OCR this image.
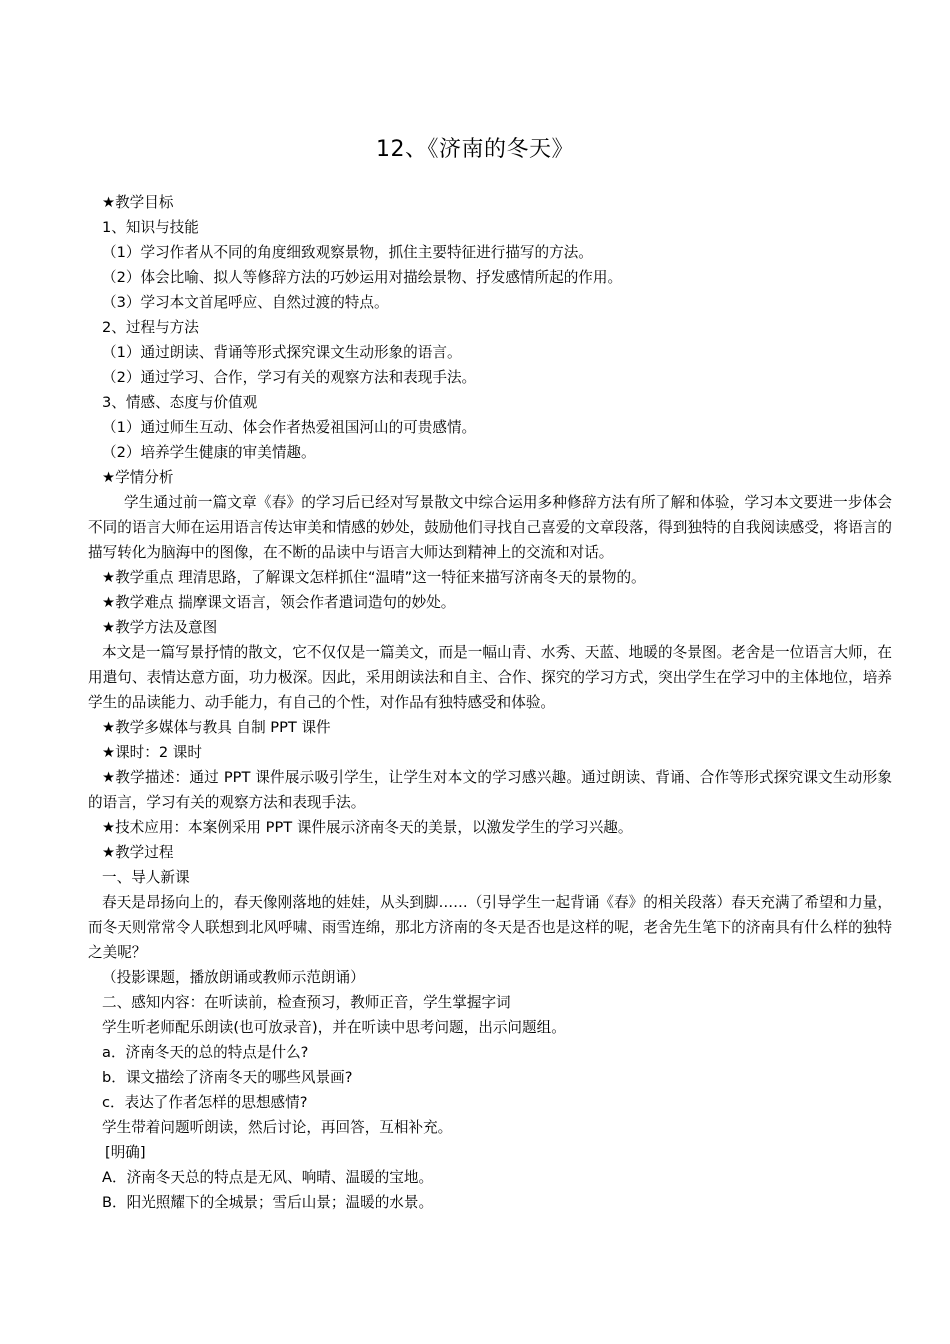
12、《济南的冬天》

★教学目标

1、知识与技能

（1）学习作者从不同的角度细致观察景物，抓住主要特征进行描写的方法。

（2）体会比喻、拟人等修辞方法的巧妙运用对描绘景物、抒发感情所起的作用。

（3）学习本文首尾呼应、自然过渡的特点。

2、过程与方法

（1）通过朗读、背诵等形式探究课文生动形象的语言。

（2）通过学习、合作，学习有关的观察方法和表现手法。

3、情感、态度与价值观

（1）通过师生互动、体会作者热爱祖国河山的可贵感情。

（2）培养学生健康的审美情趣。

★学情分析

学生通过前一篇文章《春》的学习后已经对写景散文中综合运用多种修辞方法有所了解和体验，学习本文要进一步体会不同的语言大师在运用语言传达审美和情感的妙处，鼓励他们寻找自己喜爱的文章段落，得到独特的自我阅读感受，将语言的描写转化为脑海中的图像，在不断的品读中与语言大师达到精神上的交流和对话。

★教学重点 理清思路，了解课文怎样抓住“温晴”这一特征来描写济南冬天的景物的。

★教学难点 揣摩课文语言，领会作者遣词造句的妙处。

★教学方法及意图

本文是一篇写景抒情的散文，它不仅仅是一篇美文，而是一幅山青、水秀、天蓝、地暖的冬景图。老舍是一位语言大师，在用遣句、表情达意方面，功力极深。因此，采用朗读法和自主、合作、探究的学习方式，突出学生在学习中的主体地位，培养学生的品读能力、动手能力，有自己的个性，对作品有独特感受和体验。

★教学多媒体与教具 自制 PPT 课件

★课时：2 课时

★教学描述：通过 PPT 课件展示吸引学生，让学生对本文的学习感兴趣。通过朗读、背诵、合作等形式探究课文生动形象的语言，学习有关的观察方法和表现手法。

★技术应用：本案例采用 PPT 课件展示济南冬天的美景，以激发学生的学习兴趣。

★教学过程

一、导人新课

春天是昂扬向上的，春天像刚落地的娃娃，从头到脚……（引导学生一起背诵《春》的相关段落）春天充满了希望和力量，而冬天则常常令人联想到北风呼啸、雨雪连绵，那北方济南的冬天是否也是这样的呢，老舍先生笔下的济南具有什么样的独特之美呢？

（投影课题，播放朗诵或教师示范朗诵）

二、感知内容：在听读前，检查预习，教师正音，学生掌握字词

学生听老师配乐朗读(也可放录音)，并在听读中思考问题，出示问题组。

a．济南冬天的总的特点是什么?

b．课文描绘了济南冬天的哪些风景画?

c．表达了作者怎样的思想感情?

学生带着问题听朗读，然后讨论，再回答，互相补充。

[明确]

A．济南冬天总的特点是无风、响晴、温暖的宝地。

B．阳光照耀下的全城景；雪后山景；温暖的水景。
